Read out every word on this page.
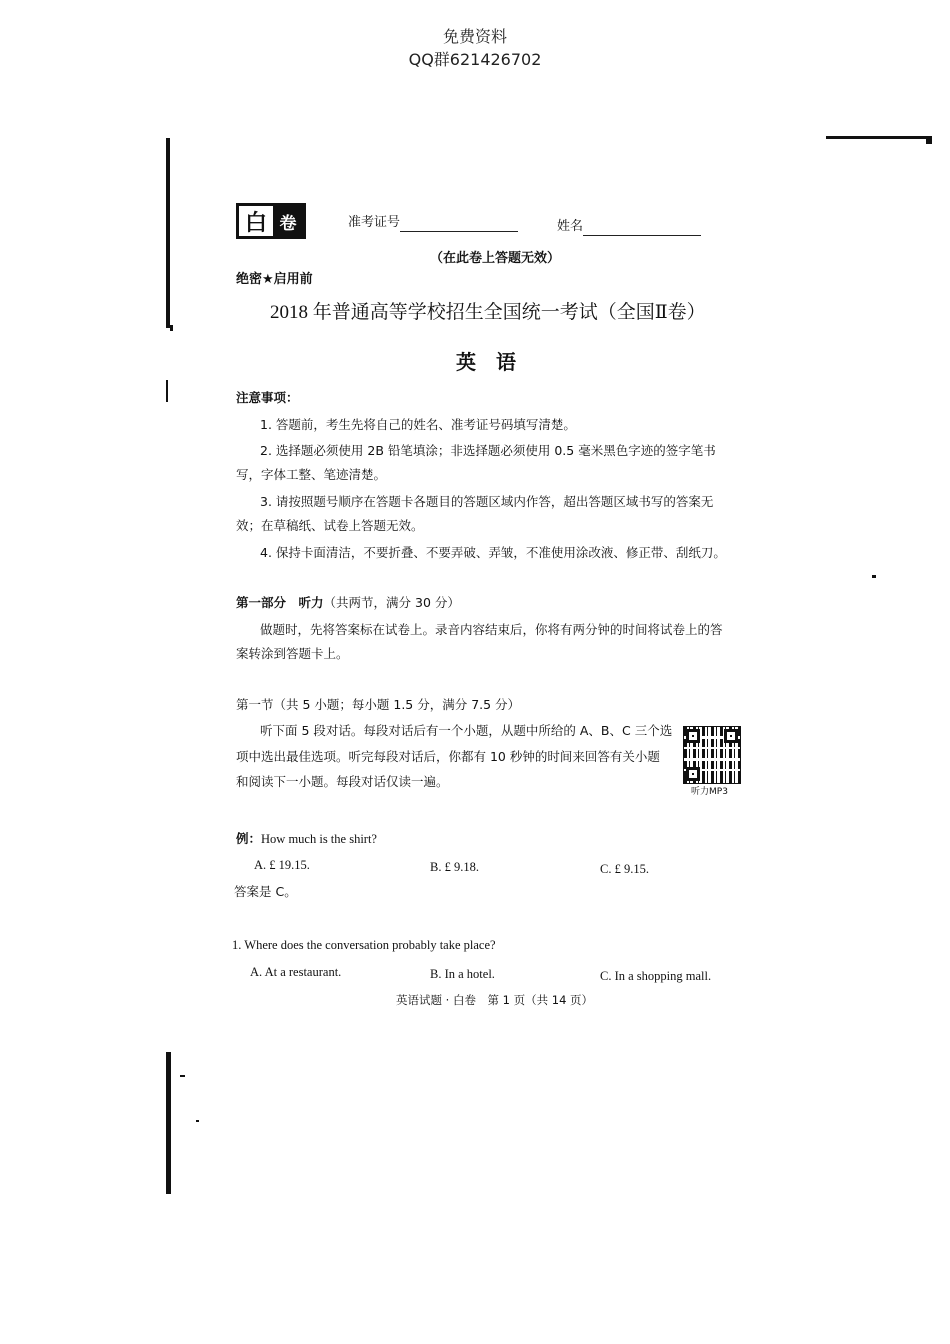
免费资料
QQ群621426702
白 卷	准考证号	姓名
（在此卷上答题无效）
绝密★启用前
2018 年普通高等学校招生全国统一考试（全国Ⅱ卷）
英　语
注意事项：
1. 答题前，考生先将自己的姓名、准考证号码填写清楚。
2. 选择题必须使用 2B 铅笔填涂；非选择题必须使用 0.5 毫米黑色字迹的签字笔书
写，字体工整、笔迹清楚。
3. 请按照题号顺序在答题卡各题目的答题区域内作答，超出答题区域书写的答案无
效；在草稿纸、试卷上答题无效。
4. 保持卡面清洁，不要折叠、不要弄破、弄皱，不准使用涂改液、修正带、刮纸刀。
第一部分　听力（共两节，满分 30 分）
做题时，先将答案标在试卷上。录音内容结束后，你将有两分钟的时间将试卷上的答
案转涂到答题卡上。
第一节（共 5 小题；每小题 1.5 分，满分 7.5 分）
听下面 5 段对话。每段对话后有一个小题，从题中所给的 A、B、C 三个选
项中选出最佳选项。听完每段对话后，你都有 10 秒钟的时间来回答有关小题
和阅读下一小题。每段对话仅读一遍。
听力MP3
例：How much is the shirt?
A. £ 19.15.	B. £ 9.18.	C. £ 9.15.
答案是 C。
1. Where does the conversation probably take place?
A. At a restaurant.	B. In a hotel.	C. In a shopping mall.
英语试题 · 白卷　第 1 页（共 14 页）
